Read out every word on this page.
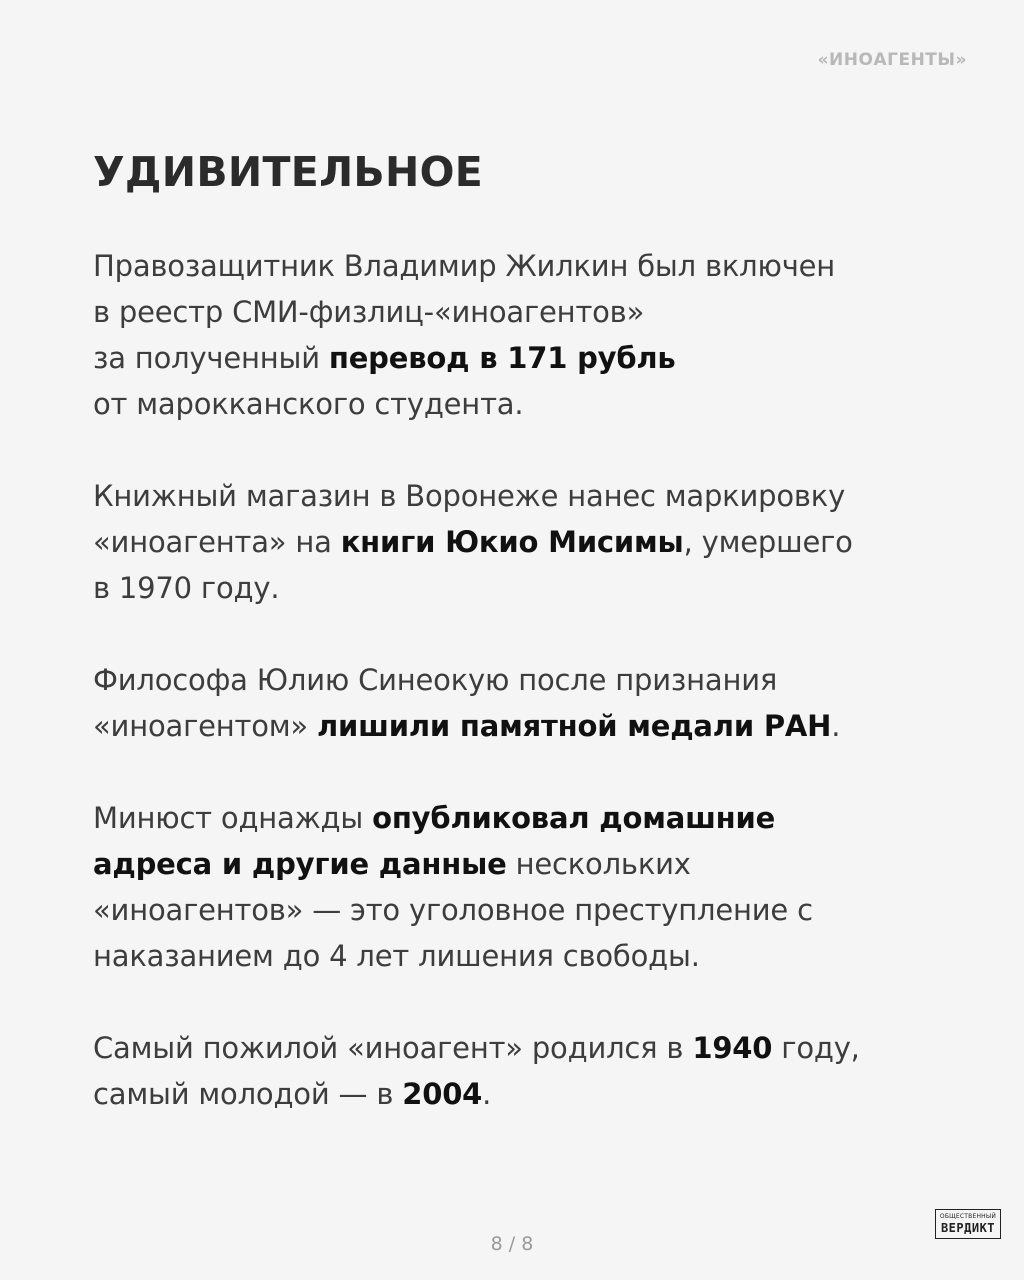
«ИНОАГЕНТЫ»
УДИВИТЕЛЬНОЕ

Правозащитник Владимир Жилкин был включен
в реестр СМИ-физлиц-«иноагентов»
за полученный перевод в 171 рубль
от марокканского студента.

Книжный магазин в Воронеже нанес маркировку
«иноагента» на книги Юкио Мисимы, умершего
в 1970 году.

Философа Юлию Синеокую после признания
«иноагентом» лишили памятной медали РАН.

Минюст однажды опубликовал домашние
адреса и другие данные нескольких
«иноагентов» — это уголовное преступление с
наказанием до 4 лет лишения свободы.

Самый пожилой «иноагент» родился в 1940 году,
самый молодой — в 2004.

8 / 8
ОБЩЕСТВЕННЫЙ
ВЕРДИКТ
